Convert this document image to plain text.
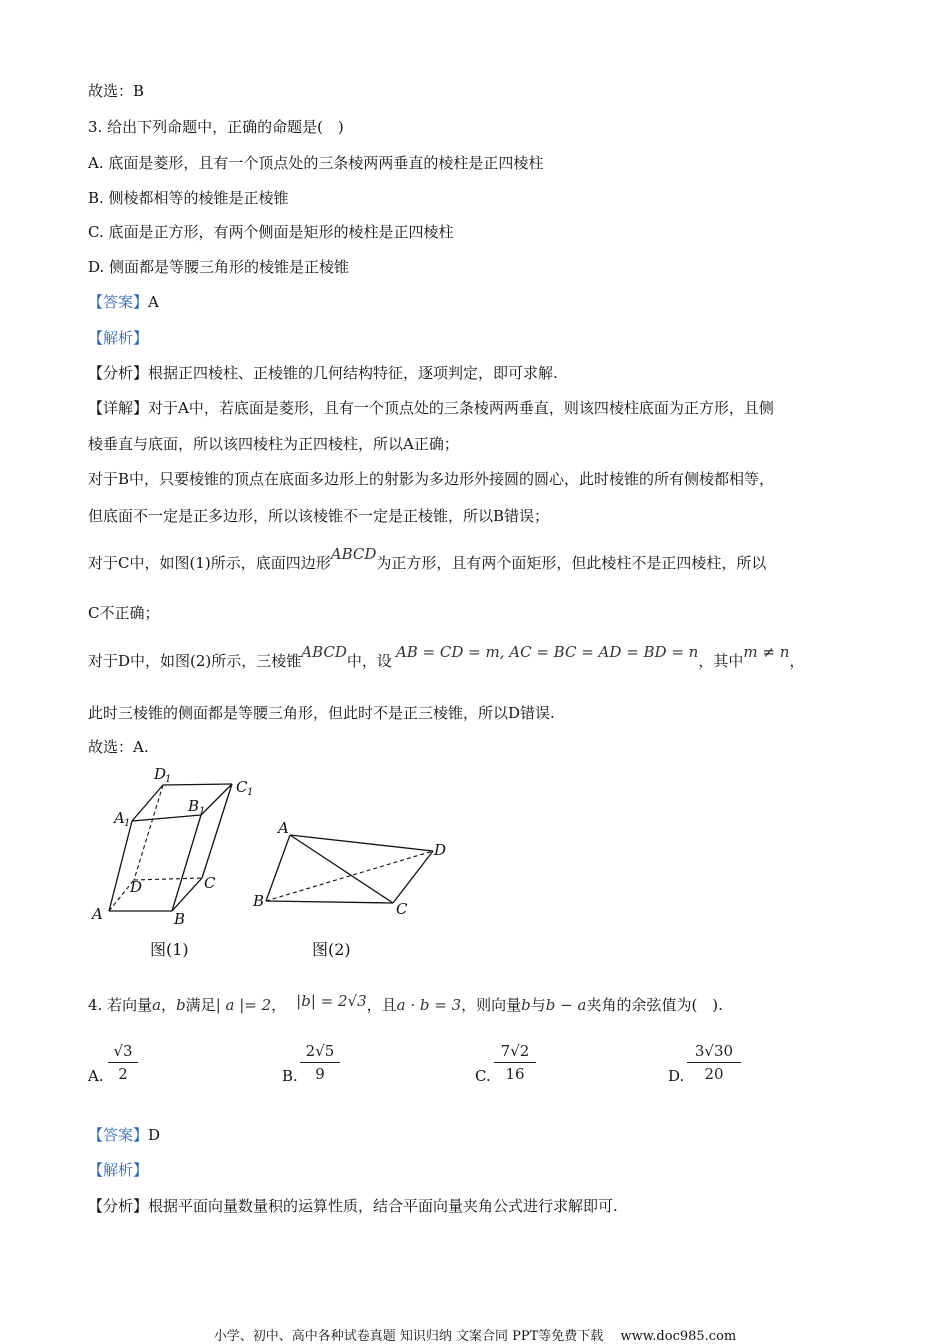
故选：B
3. 给出下列命题中，正确的命题是(　)
A. 底面是菱形，且有一个顶点处的三条棱两两垂直的棱柱是正四棱柱
B. 侧棱都相等的棱锥是正棱锥
C. 底面是正方形，有两个侧面是矩形的棱柱是正四棱柱
D. 侧面都是等腰三角形的棱锥是正棱锥
【答案】A
【解析】
【分析】根据正四棱柱、正棱锥的几何结构特征，逐项判定，即可求解.
【详解】对于A中，若底面是菱形，且有一个顶点处的三条棱两两垂直，则该四棱柱底面为正方形，且侧
棱垂直与底面，所以该四棱柱为正四棱柱，所以A正确；
对于B中，只要棱锥的顶点在底面多边形上的射影为多边形外接圆的圆心，此时棱锥的所有侧棱都相等，
但底面不一定是正多边形，所以该棱锥不一定是正棱锥，所以B错误；
对于C中，如图(1)所示，底面四边形ABCD为正方形，且有两个面矩形，但此棱柱不是正四棱柱，所以
C不正确；
对于D中，如图(2)所示，三棱锥ABCD中，设 AB = CD = m, AC = BC = AD = BD = n，其中m ≠ n，
此时三棱锥的侧面都是等腰三角形，但此时不是正三棱锥，所以D错误.
故选：A.
A	B
C
D
A 1
B 1
C 1
D
1
A
B	C
D
图(1)	图(2)
4. 若向量a，b满足| a |= 2， |b| = 2√3，且a · b = 3，则向量b与b − a夹角的余弦值为(　).
A. $\frac{√3}{2}$	B. $\frac{2√5}{9}$	C. $\frac{7√2}{16}$	D. $\frac{3√30}{20}$
【答案】D
【解析】
【分析】根据平面向量数量积的运算性质，结合平面向量夹角公式进行求解即可.
小学、初中、高中各种试卷真题 知识归纳 文案合同 PPT等免费下载　 www.doc985.com
